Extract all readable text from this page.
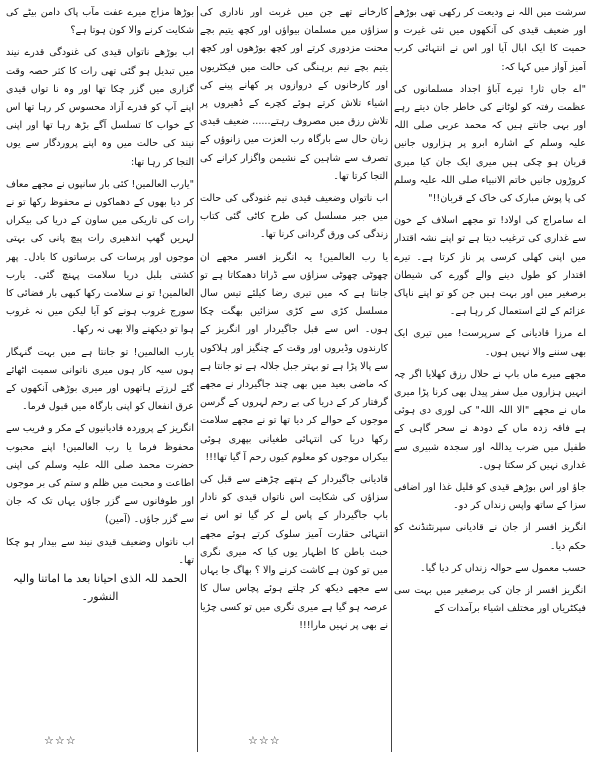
سرشت میں اللہ نے ودیعت کر رکھی تھی بوڑھے اور ضعیف قیدی کی آنکھوں میں نئی غیرت و حمیت کا ایک ابال آیا اور اس نے انتہائی کرب آمیز آواز میں کہا کہ:

"اے جاں ثار! تیرے آباؤ اجداد مسلمانوں کی عظمت رفتہ کو لوٹانے کی خاطر جان دیتے رہے اور بہی جانتے ہیں کہ محمد عربی صلی اللہ علیہ وسلم کے اشارہ ابرو پر ہزاروں جانیں قربان ہو چکی ہیں میری ایک جان کیا میری کروڑوں جانیں خاتم الانبیاء صلی اللہ علیہ وسلم کی پا پوش مبارک کی خاک کے قربان!!"

اے سامراج کی اولاد! تو مجھے اسلاف کے خون سے غداری کی ترغیب دیتا ہے تو اپنے نشہ اقتدار میں اپنی کھلی کرسی پر ناز کرتا ہے۔ تیرے اقتدار کو طول دینے والے گورے کی شیطان برصغیر میں اور بہت ہیں جن کو تو اپنے ناپاک عزائم کے لئے استعمال کر رہا ہے۔

اے مرزا قادیانی کے سرپرست! میں تیری ایک بھی سننے والا نہیں ہوں۔

مجھے میرے ماں باپ نے حلال رزق کھلایا اگر چہ انہیں ہزاروں میل سفر پیدل بھی کرنا پڑا میری ماں نے مجھے "الا اللہ اللہ" کی لوری دی ہوئی ہے فاقہ زدہ ماں کے دودھ نے سحر گاہی کے طفیل میں ضرب یداللہ اور سجدہ شبیری سے غداری نہیں کر سکتا ہوں۔

جاؤ اور اس بوڑھے قیدی کو قلیل غذا اور اضافی سزا کے ساتھ واپس زنداں کر دو۔

انگریز افسر از جان نے قادیانی سپرنٹنڈنٹ کو حکم دیا۔

حسب معمول سے حوالہ زنداں کر دیا گیا۔

انگریز افسر از جان کی برصغیر میں بہت سی فیکٹریاں اور مختلف اشیاء برآمدات کے

کارخانے تھے جن میں غربت اور ناداری کی سزاؤں میں مسلمان بیواؤں اور کچھ یتیم بچے محنت مزدوری کرتے اور کچھ بوڑھوں اور کچھ یتیم بچے نیم برہنگی کی حالت میں فیکٹریوں اور کارخانوں کے دروازوں پر کھانے پینے کی اشیاء تلاش کرتے ہوئے کچرے کے ڈھیروں پر تلاش رزق میں مصروف رہتے...... ضعیف قیدی زبان حال سے بارگاہ رب العزت میں زانوؤں کے تصرف سے شاہین کے نشیمن واگزار کرانے کی التجا کرتا تھا۔

اب ناتواں وضعیف قیدی نیم غنودگی کی حالت میں جبر مسلسل کی طرح کاٹی گئی کتاب زندگی کی ورق گردانی کرنا تھا۔

یا رب العالمین! یہ انگریز افسر مجھے ان چھوٹی چھوٹی سزاؤں سے ڈراتا دھمکاتا ہے تو جانتا ہے کہ میں تیری رضا کیلئے تیس سال مسلسل کڑی سے کڑی سزائیں بھگت چکا ہوں۔ اس سے قبل جاگیردار اور انگریز کے کارندوں وڈیروں اور وقت کے چنگیز اور ہلاکوں سے پالا پڑا ہے تو بہتر جبل جلالہ ہے تو جانتا ہے کہ ماضی بعید میں بھی چند جاگیردار نے مجھے گرفتار کر کے دریا کی بے رحم لہروں کے گرسن موجوں کے حوالے کر دیا تھا تو نے مجھے سلامت رکھا دریا کی انتہائی طغیانی بپھری ہوئی بیکراں موجوں کو معلوم کیوں رحم آ گیا تھا!!!

قادیانی جاگیردار کے ہتھے چڑھنے سے قبل کی سزاؤں کی شکایت اس ناتواں قیدی کو نادار باپ جاگیردار کے پاس لے کر گیا تو اس نے انتہائی حقارت آمیز سلوک کرتے ہوئے مجھے خبث باطن کا اظہار یوں کیا کہ میری نگری میں تو کون ہے کاشت کرنے والا ؟ بھاگ جا یہاں سے مجھے دیکھ کر چلتے ہوئے پچاس سال کا عرصہ ہو گیا ہے میری نگری میں تو کسی چڑیا نے بھی پر نہیں مارا!!!

بوڑھا مزاج میرے عفت مآب پاک دامن بیٹے کی شکایت کرنے والا کون ہوتا ہے؟

اب بوڑھے ناتواں قیدی کی غنودگی قدرے نیند میں تبدیل ہو گئی تھی رات کا کثر حصہ وقت گزاری میں گزر چکا تھا اور وہ نا تواں قیدی اپنے آپ کو قدرے آزاد محسوس کر رہا تھا اس کے خواب کا تسلسل آگے بڑھ رہا تھا اور اپنی نیند کی حالت میں وہ اپنے پروردگار سے یوں التجا کر رہا تھا:

"یارب العالمین! کئی بار سانپوں نے مجھے معاف کر دیا بھوں کے دھماکوں نے محفوظ رکھا تو نے رات کی تاریکی میں ساون کے دریا کی بیکراں لہریں گھپ اندھیری رات پیچ پانی کی بہتی موجوں اور پرسات کی برساتوں کا بادل۔ پھر کشتی بلبل دریا سلامت پہنچ گئی۔ یارب العالمین! تو نے سلامت رکھا کبھی بار فضائی کا سورج غروب ہونے کو آیا لیکن میں نہ غروب ہوا تو دیکھنے والا بھی نہ رکھا۔

یارب العالمین! تو جانتا ہے میں بہت گنہگار ہوں سیہ کار ہوں میری ناتوانی سمیت اٹھائے گئے لرزتے ہاتھوں اور میری بوڑھی آنکھوں کے عرق انفعال کو اپنی بارگاہ میں قبول فرما۔

انگریز کے پروردہ قادیانیوں کے مکر و فریب سے محفوظ فرما یا رب العالمین! اپنے محبوب حضرت محمد صلی اللہ علیہ وسلم کی اپنی اطاعت و محبت میں ظلم و ستم کی بر موجوں اور طوفانوں سے گزر جاؤں یہاں تک کہ جان سے گزر جاؤں۔ (آمین)

اب ناتواں وضعیف قیدی نیند سے بیدار ہو چکا تھا۔

الحمد للہ الذی احیانا بعد ما اماتنا والیہ النشور۔

☆☆☆	☆☆☆
